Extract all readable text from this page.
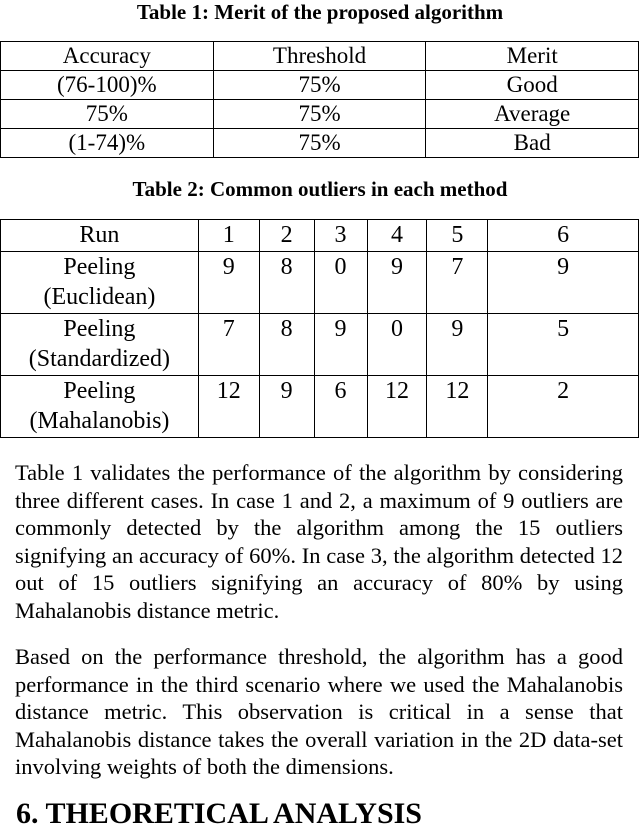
Table 1: Merit of the proposed algorithm
Accuracy	Threshold	Merit
(76-100)%	75%	Good
75%	75%	Average
(1-74)%	75%	Bad
Table 2: Common outliers in each method
Run	1	2	3	4	5	6

Peeling
(Euclidean)	9	8	0	9	7	9

Peeling
(Standardized)	7	8	9	0	9	5

Peeling
(Mahalanobis)	12	9	6	12	12	2

Table 1 validates the performance of the algorithm by considering three different cases. In case 1 and 2, a maximum of 9 outliers are commonly detected by the algorithm among the 15 outliers signifying an accuracy of 60%. In case 3, the algorithm detected 12 out of 15 outliers signifying an accuracy of 80% by using Mahalanobis distance metric.

Based on the performance threshold, the algorithm has a good performance in the third scenario where we used the Mahalanobis distance metric. This observation is critical in a sense that Mahalanobis distance takes the overall variation in the 2D data-set involving weights of both the dimensions.

6. THEORETICAL ANALYSIS
